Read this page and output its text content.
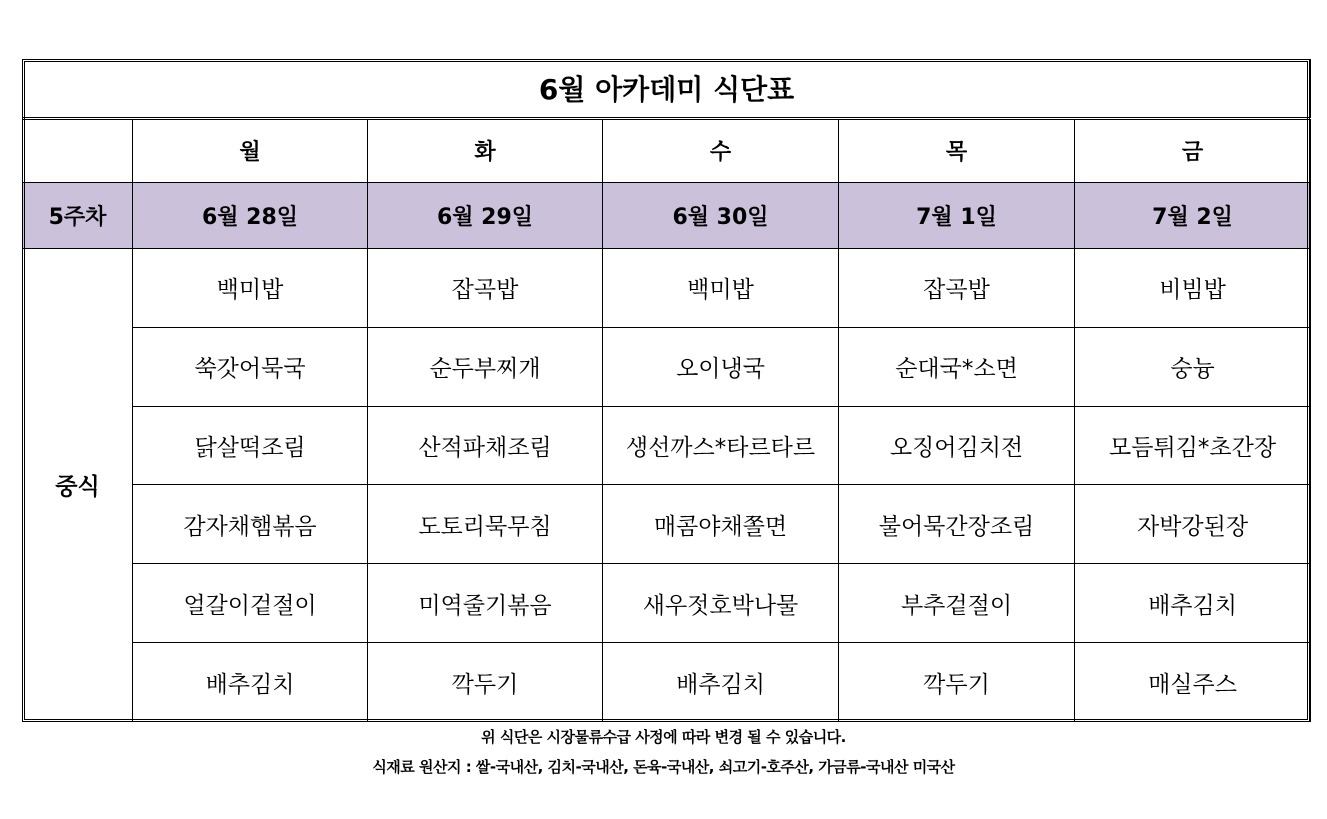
6월 아카데미 식단표					
	월	화	수	목	금
5주차	6월 28일	6월 29일	6월 30일	7월 1일	7월 2일
중식	백미밥	잡곡밥	백미밥	잡곡밥	비빔밥
	쑥갓어묵국	순두부찌개	오이냉국	순대국*소면	숭늉
	닭살떡조림	산적파채조림	생선까스*타르타르	오징어김치전	모듬튀김*초간장
	감자채햄볶음	도토리묵무침	매콤야채쫄면	불어묵간장조림	자박강된장
	얼갈이겉절이	미역줄기볶음	새우젓호박나물	부추겉절이	배추김치
	배추김치	깍두기	배추김치	깍두기	매실주스
위 식단은 시장물류수급 사정에 따라 변경 될 수 있습니다.
식재료 원산지 : 쌀-국내산, 김치-국내산, 돈육-국내산, 쇠고기-호주산, 가금류-국내산 미국산
